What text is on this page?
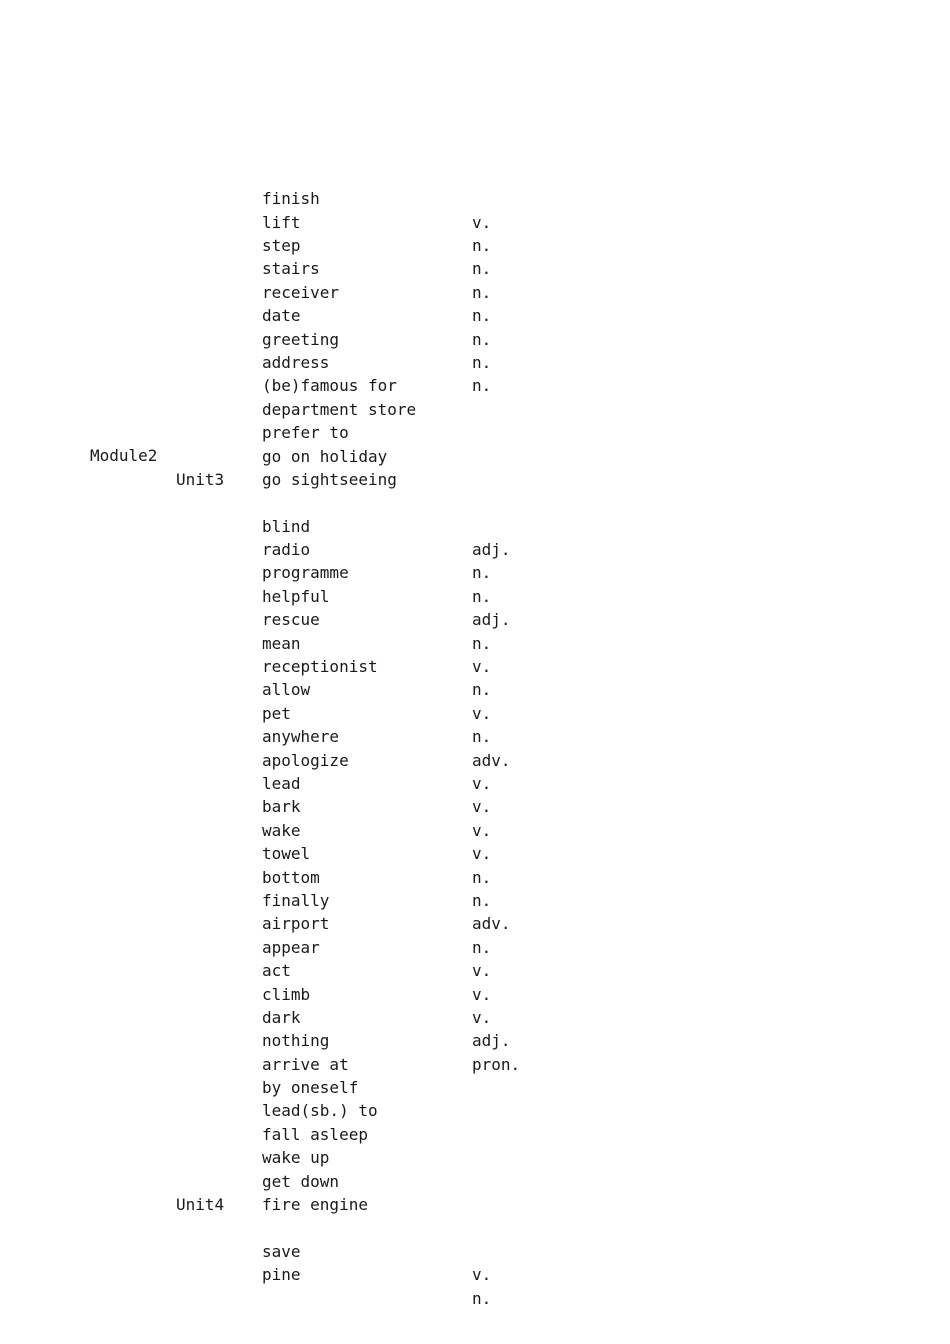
finish

v.

lift

n.

step

n.

stairs

n.

receiver

n.

date

n.

greeting

n.

address

n.

(be)famous for

department store

prefer to

go on holiday

go sightseeing

Module2

Unit3

blind

adj.

radio

n.

programme

n.

helpful

adj.

rescue

n.

mean

v.

receptionist

n.

allow

v.

pet

n.

anywhere

adv.

apologize

v.

lead

v.

bark

v.

wake

v.

towel

n.

bottom

n.

finally

adv.

airport

n.

appear

v.

act

v.

climb

v.

dark

adj.

nothing

pron.

arrive at

by oneself

lead(sb.) to

fall asleep

wake up

get down

fire engine

Unit4

save

v.

pine

n.
